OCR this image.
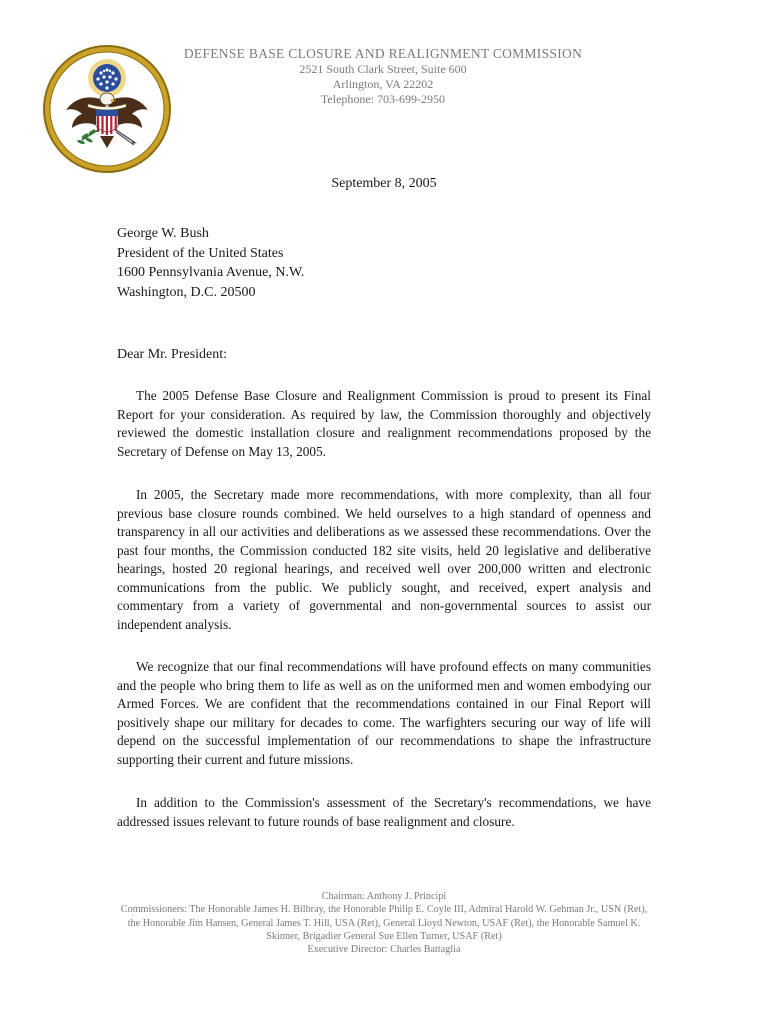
DEFENSE BASE CLOSURE AND REALIGNMENT COMMISSION
2521 South Clark Street, Suite 600
Arlington, VA 22202
Telephone: 703-699-2950
September 8, 2005
George W. Bush
President of the United States
1600 Pennsylvania Avenue, N.W.
Washington, D.C. 20500
Dear Mr. President:
The 2005 Defense Base Closure and Realignment Commission is proud to present its Final Report for your consideration. As required by law, the Commission thoroughly and objectively reviewed the domestic installation closure and realignment recommendations proposed by the Secretary of Defense on May 13, 2005.
In 2005, the Secretary made more recommendations, with more complexity, than all four previous base closure rounds combined. We held ourselves to a high standard of openness and transparency in all our activities and deliberations as we assessed these recommendations. Over the past four months, the Commission conducted 182 site visits, held 20 legislative and deliberative hearings, hosted 20 regional hearings, and received well over 200,000 written and electronic communications from the public. We publicly sought, and received, expert analysis and commentary from a variety of governmental and non-governmental sources to assist our independent analysis.
We recognize that our final recommendations will have profound effects on many communities and the people who bring them to life as well as on the uniformed men and women embodying our Armed Forces. We are confident that the recommendations contained in our Final Report will positively shape our military for decades to come. The warfighters securing our way of life will depend on the successful implementation of our recommendations to shape the infrastructure supporting their current and future missions.
In addition to the Commission's assessment of the Secretary's recommendations, we have addressed issues relevant to future rounds of base realignment and closure.
Chairman: Anthony J. Principi
Commissioners: The Honorable James H. Bilbray, the Honorable Philip E. Coyle III, Admiral Harold W. Gehman Jr., USN (Ret),
the Honorable Jim Hansen, General James T. Hill, USA (Ret), General Lloyd Newton, USAF (Ret), the Honorable Samuel K.
Skinner, Brigadier General Sue Ellen Turner, USAF (Ret)
Executive Director: Charles Battaglia
